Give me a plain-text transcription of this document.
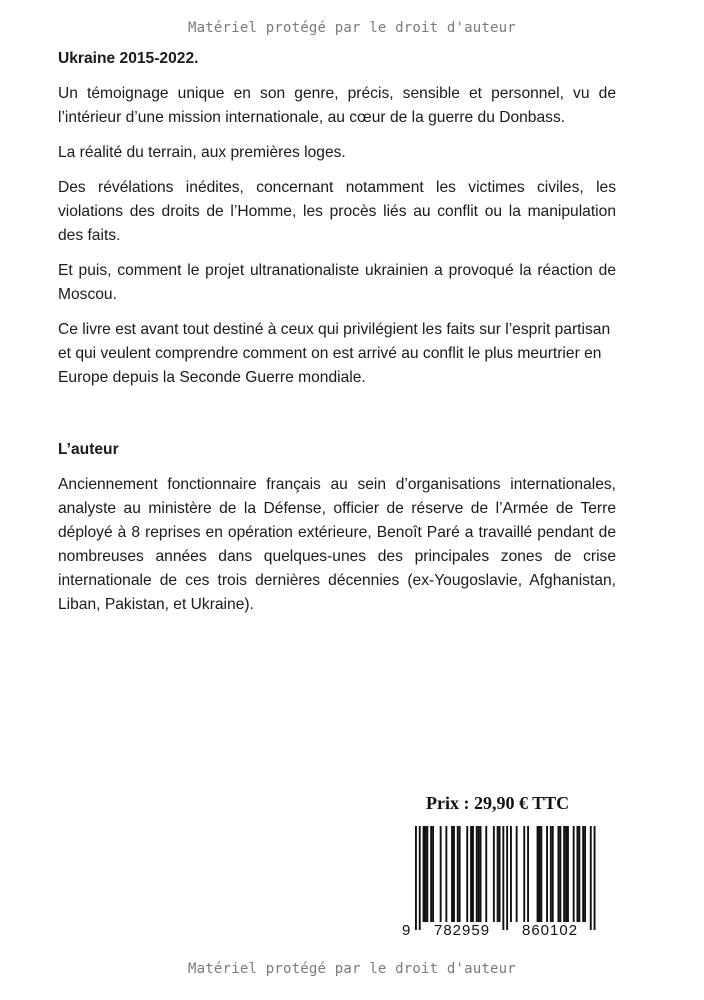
Matériel protégé par le droit d'auteur
Ukraine 2015-2022.

Un témoignage unique en son genre, précis, sensible et personnel, vu de l’intérieur d’une mission internationale, au cœur de la guerre du Donbass.

La réalité du terrain, aux premières loges.

Des révélations inédites, concernant notamment les victimes civiles, les violations des droits de l’Homme, les procès liés au conflit ou la manipulation des faits.

Et puis, comment le projet ultranationaliste ukrainien a provoqué la réaction de Moscou.

Ce livre est avant tout destiné à ceux qui privilégient les faits sur l’esprit partisan et qui veulent comprendre comment on est arrivé au conflit le plus meurtrier en Europe depuis la Seconde Guerre mondiale.

L’auteur

Anciennement fonctionnaire français au sein d’organisations internationales, analyste au ministère de la Défense, officier de réserve de l’Armée de Terre déployé à 8 reprises en opération extérieure, Benoît Paré a travaillé pendant de nombreuses années dans quelques-unes des principales zones de crise internationale de ces trois dernières décennies (ex-Yougoslavie, Afghanistan, Liban, Pakistan, et Ukraine).

Prix : 29,90 € TTC
9 782959 860102
Matériel protégé par le droit d'auteur
